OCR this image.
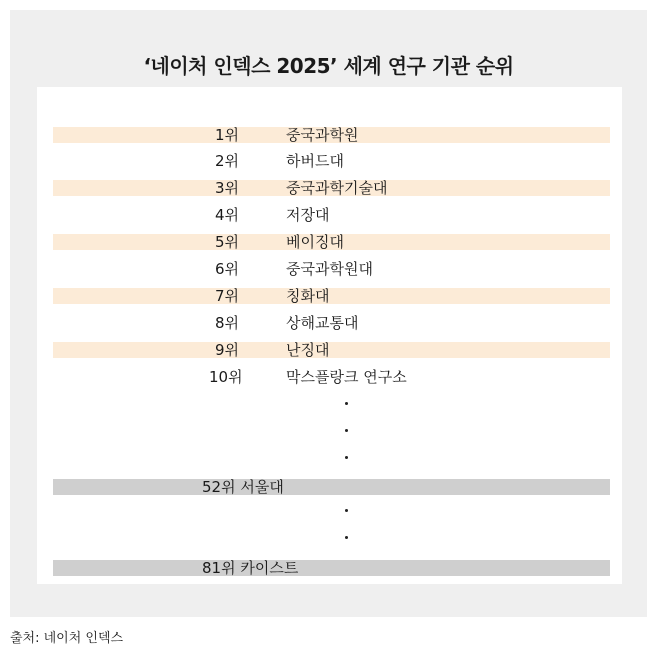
‘네이처 인덱스 2025’ 세계 연구 기관 순위
1위	중국과학원
2위	하버드대
3위	중국과학기술대
4위	저장대
5위	베이징대
6위	중국과학원대
7위	칭화대
8위	상해교통대
9위	난징대
10위	막스플랑크 연구소
52위 서울대
81위 카이스트
출처: 네이처 인덱스
